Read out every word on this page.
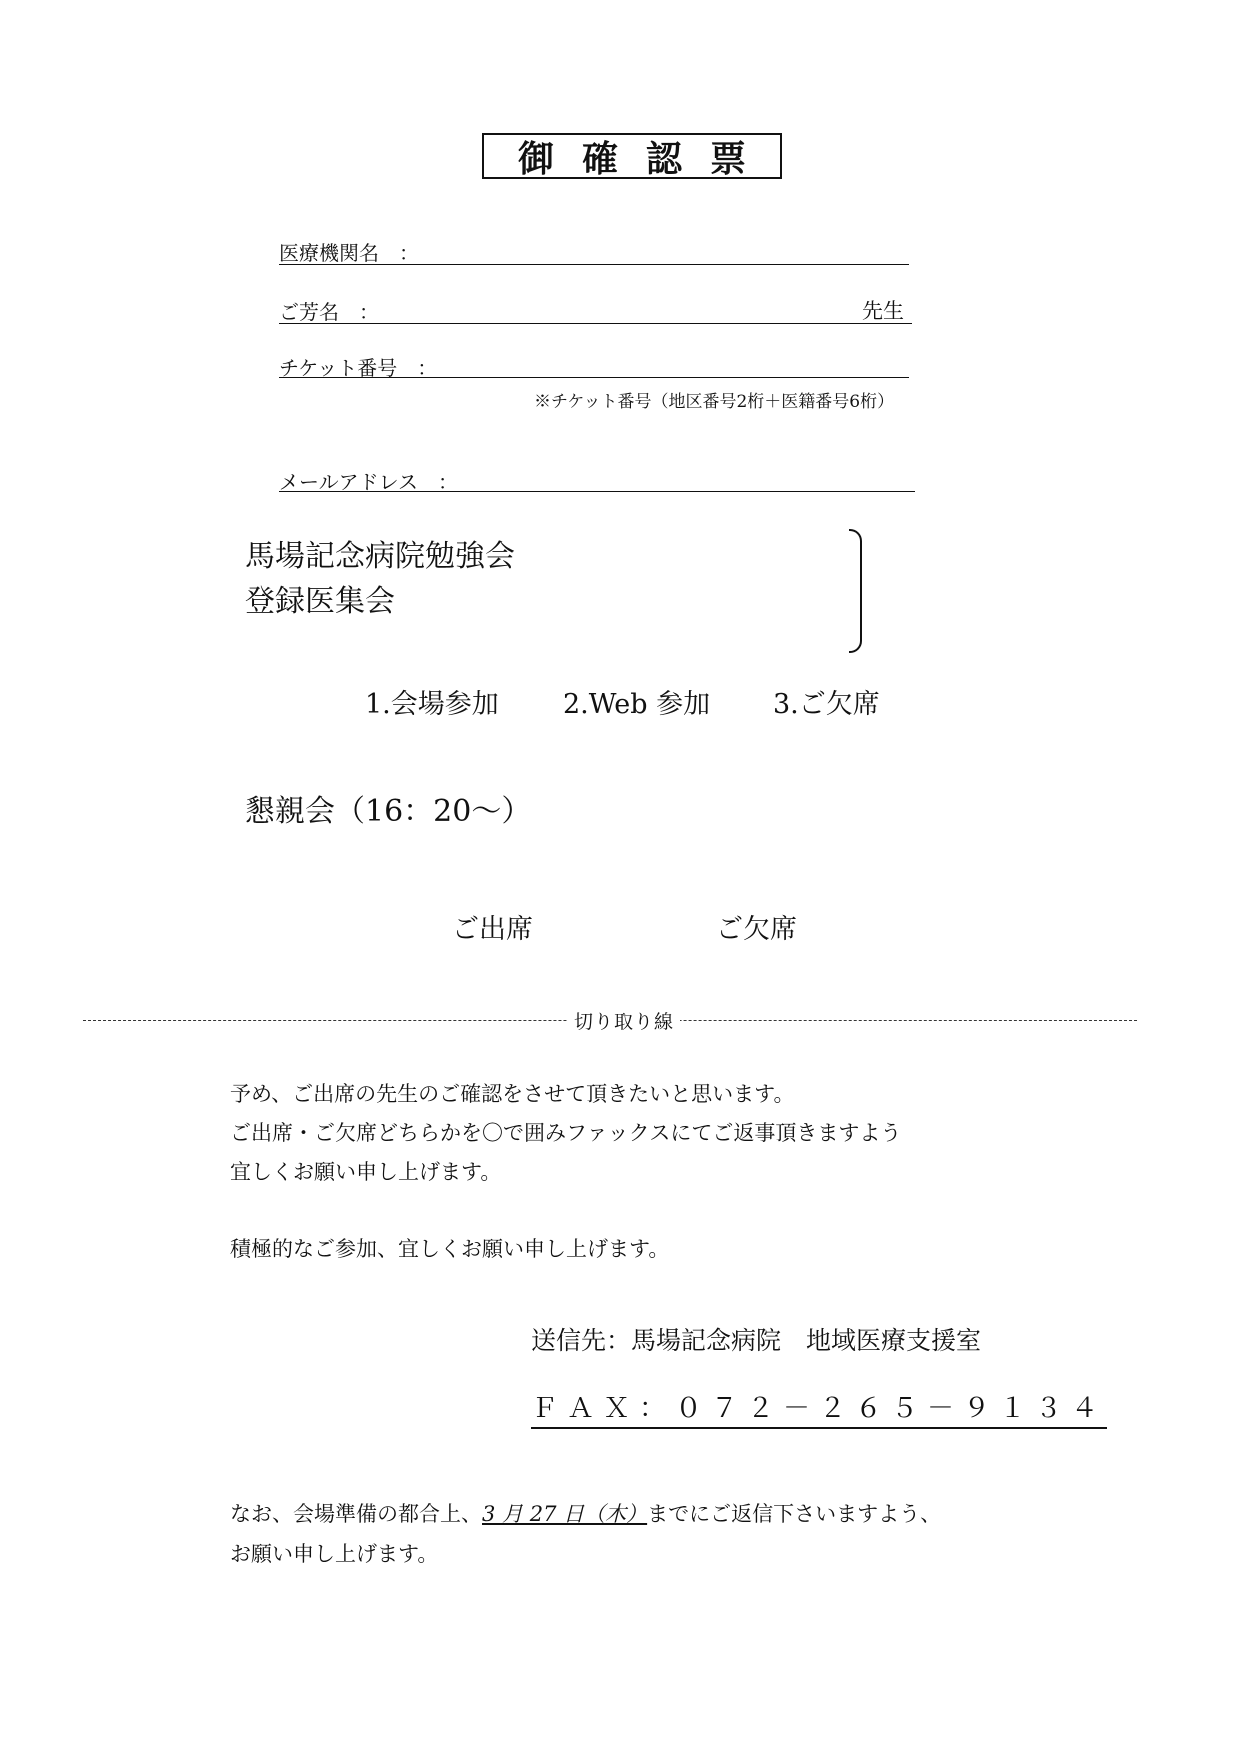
御確認票
医療機関名　：
ご芳名　：	先生
チケット番号　：
※チケット番号（地区番号2桁＋医籍番号6桁）
メールアドレス　：
馬場記念病院勉強会
登録医集会
1.会場参加 2.Web 参加 3.ご欠席
懇親会（16：20〜）
ご出席	ご欠席
切り取り線
予め、ご出席の先生のご確認をさせて頂きたいと思います。
ご出席・ご欠席どちらかを〇で囲みファックスにてご返事頂きますよう
宜しくお願い申し上げます。
積極的なご参加、宜しくお願い申し上げます。
送信先：馬場記念病院　地域医療支援室
ＦＡＸ：０７２－２６５－９１３４
なお、会場準備の都合上、3 月 27 日（木）までにご返信下さいますよう、
お願い申し上げます。
